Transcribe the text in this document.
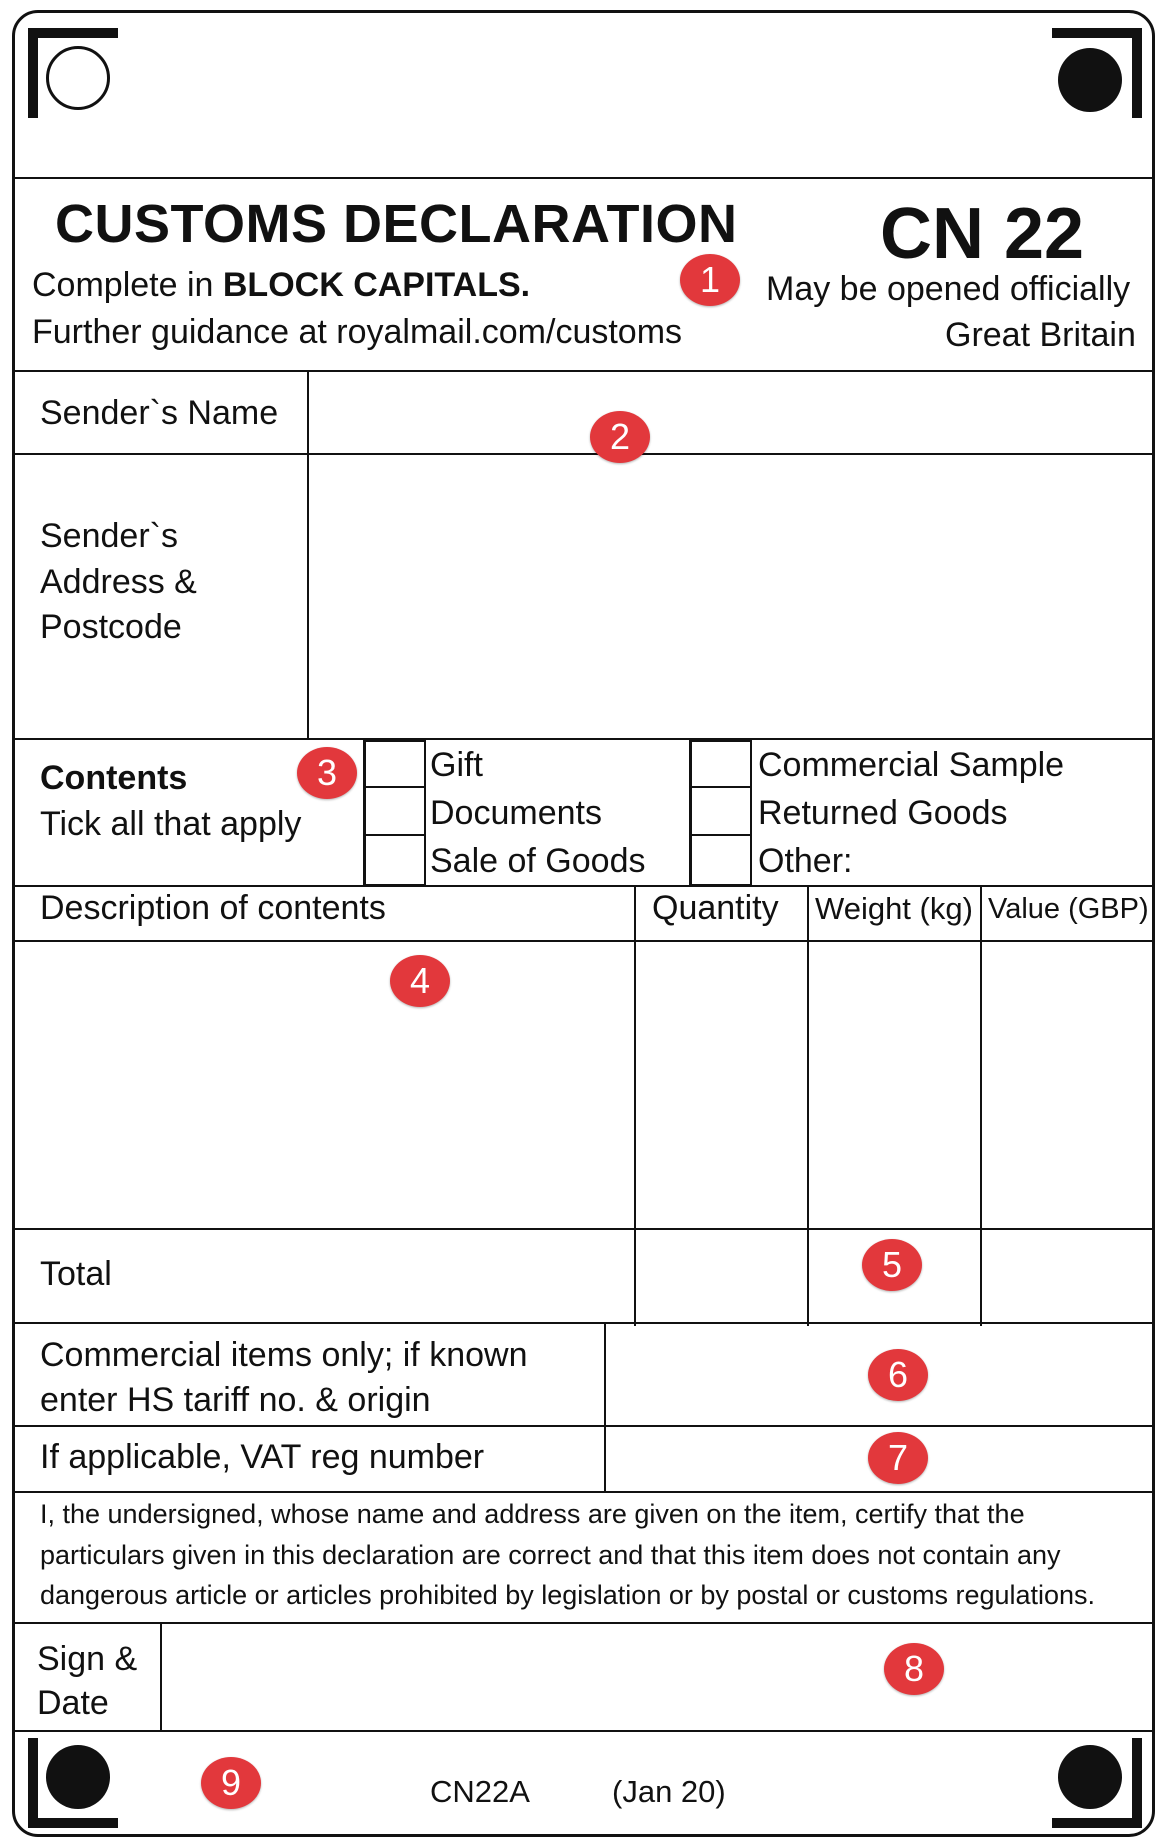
CUSTOMS DECLARATION CN 22
Complete in BLOCK CAPITALS.
Further guidance at royalmail.com/customs
May be opened officially
Great Britain
Sender`s Name
Sender`s
Address &
Postcode
Contents
Tick all that apply
Gift
Documents
Sale of Goods
Commercial Sample
Returned Goods
Other:
Description of contents	Quantity Weight (kg) Value (GBP)
Total
Commercial items only; if known
enter HS tariff no. & origin
If applicable, VAT reg number
I, the undersigned, whose name and address are given on the item, certify that the
particulars given in this declaration are correct and that this item does not contain any
dangerous article or articles prohibited by legislation or by postal or customs regulations.
Sign &
Date
CN22A	(Jan 20)
1
2
3
4
5
6
7
8
9
